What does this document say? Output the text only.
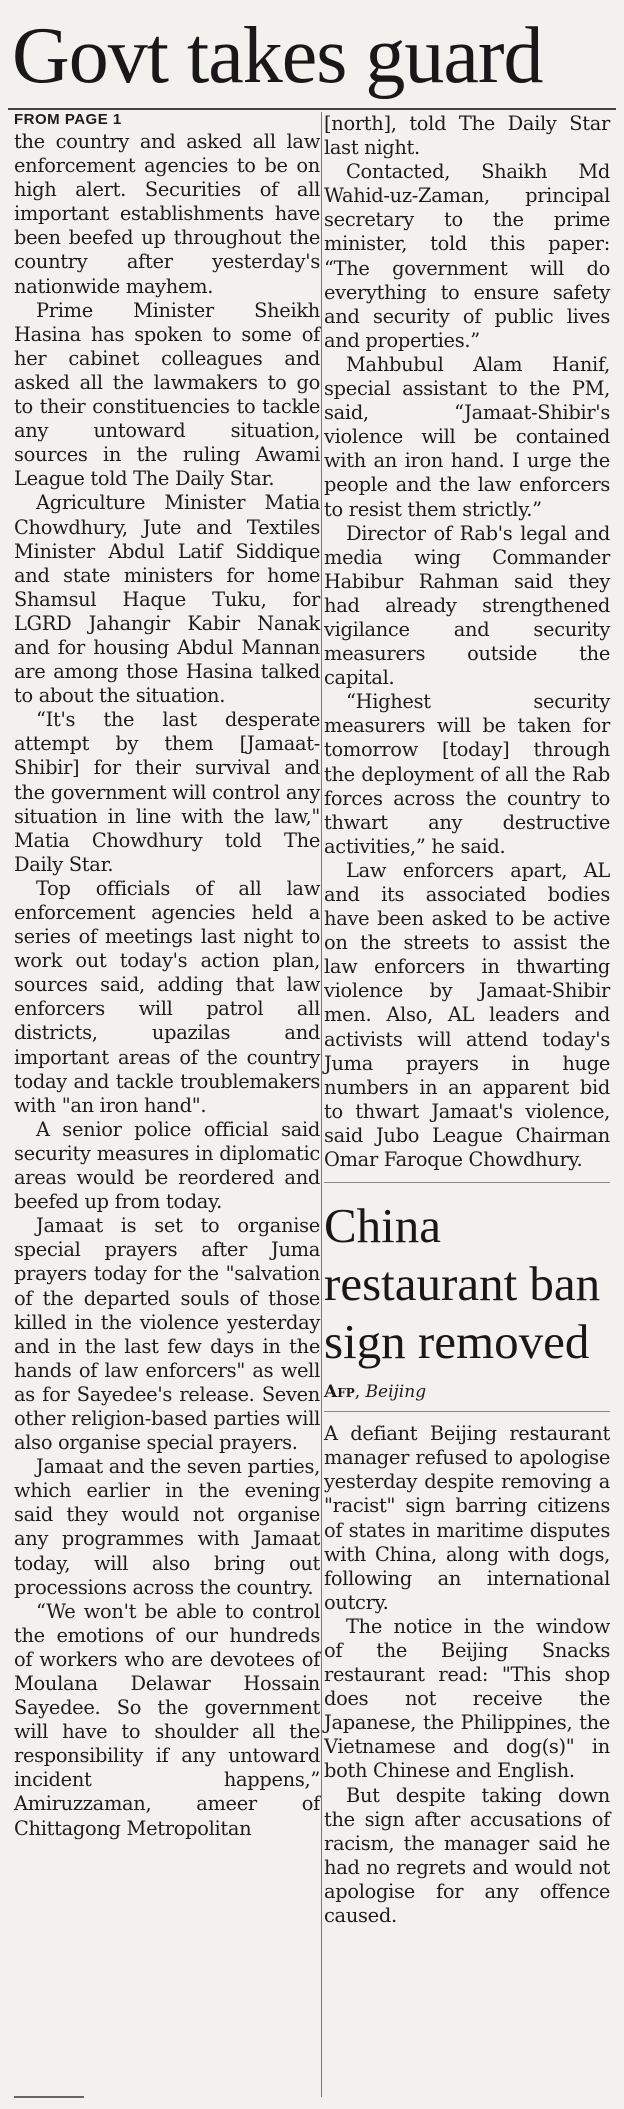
Govt takes guard
FROM PAGE 1

the country and asked all law enforcement agencies to be on high alert. Securities of all important establishments have been beefed up throughout the country after yesterday's nationwide mayhem.

Prime Minister Sheikh Hasina has spoken to some of her cabinet colleagues and asked all the lawmakers to go to their constituencies to tackle any untoward situation, sources in the ruling Awami League told The Daily Star.

Agriculture Minister Matia Chowdhury, Jute and Textiles Minister Abdul Latif Siddique and state ministers for home Shamsul Haque Tuku, for LGRD Jahangir Kabir Nanak and for housing Abdul Mannan are among those Hasina talked to about the situation.

“It's the last desperate attempt by them [Jamaat-Shibir] for their survival and the government will control any situation in line with the law," Matia Chowdhury told The Daily Star.

Top officials of all law enforcement agencies held a series of meetings last night to work out today's action plan, sources said, adding that law enforcers will patrol all districts, upazilas and important areas of the country today and tackle troublemakers with "an iron hand".

A senior police official said security measures in diplomatic areas would be reordered and beefed up from today.

Jamaat is set to organise special prayers after Juma prayers today for the "salvation of the departed souls of those killed in the violence yesterday and in the last few days in the hands of law enforcers" as well as for Sayedee's release. Seven other religion-based parties will also organise special prayers.

Jamaat and the seven parties, which earlier in the evening said they would not organise any programmes with Jamaat today, will also bring out processions across the country.

“We won't be able to control the emotions of our hundreds of workers who are devotees of Moulana Delawar Hossain Sayedee. So the government will have to shoulder all the responsibility if any untoward incident happens,” Amiruzzaman, ameer of Chittagong Metropolitan

[north], told The Daily Star last night.

Contacted, Shaikh Md Wahid-uz-Zaman, principal secretary to the prime minister, told this paper: “The government will do everything to ensure safety and security of public lives and properties.”

Mahbubul Alam Hanif, special assistant to the PM, said, “Jamaat-Shibir's violence will be contained with an iron hand. I urge the people and the law enforcers to resist them strictly.”

Director of Rab's legal and media wing Commander Habibur Rahman said they had already strengthened vigilance and security measurers outside the capital.

“Highest security measurers will be taken for tomorrow [today] through the deployment of all the Rab forces across the country to thwart any destructive activities,” he said.

Law enforcers apart, AL and its associated bodies have been asked to be active on the streets to assist the law enforcers in thwarting violence by Jamaat-Shibir men. Also, AL leaders and activists will attend today's Juma prayers in huge numbers in an apparent bid to thwart Jamaat's violence, said Jubo League Chairman Omar Faroque Chowdhury.

China restaurant ban sign removed
Afp, Beijing

A defiant Beijing restaurant manager refused to apologise yesterday despite removing a "racist" sign barring citizens of states in maritime disputes with China, along with dogs, following an international outcry.

The notice in the window of the Beijing Snacks restaurant read: "This shop does not receive the Japanese, the Philippines, the Vietnamese and dog(s)" in both Chinese and English.

But despite taking down the sign after accusations of racism, the manager said he had no regrets and would not apologise for any offence caused.
